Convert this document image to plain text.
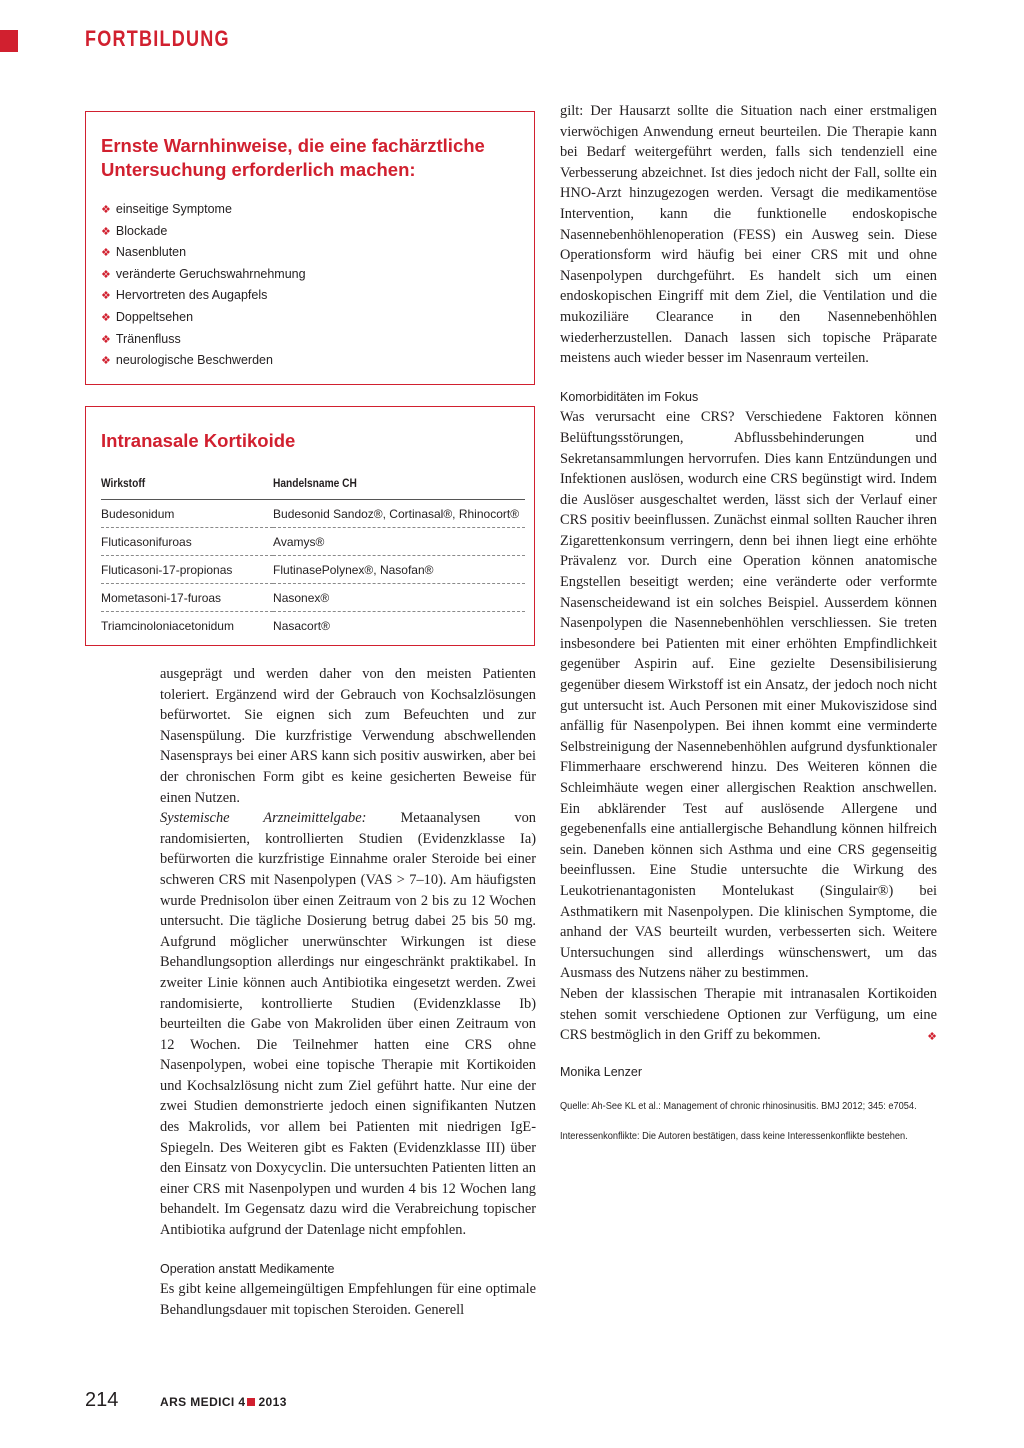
FORTBILDUNG
Ernste Warnhinweise, die eine fachärztliche Untersuchung erforderlich machen:
❖ einseitige Symptome
❖ Blockade
❖ Nasenbluten
❖ veränderte Geruchswahrnehmung
❖ Hervortreten des Augapfels
❖ Doppeltsehen
❖ Tränenfluss
❖ neurologische Beschwerden
Intranasale Kortikoide
Wirkstoff	Handelsname CH
Budesonidum	Budesonid Sandoz®, Cortinasal®, Rhinocort®
Fluticasonifuroas	Avamys®
Fluticasoni-17-propionas	FlutinasePolynex®, Nasofan®
Mometasoni-17-furoas	Nasonex®
Triamcinoloniacetonidum	Nasacort®

ausgeprägt und werden daher von den meisten Patienten toleriert. Ergänzend wird der Gebrauch von Kochsalzlösungen befürwortet. Sie eignen sich zum Befeuchten und zur Nasenspülung. Die kurzfristige Verwendung abschwellenden Nasensprays bei einer ARS kann sich positiv auswirken, aber bei der chronischen Form gibt es keine gesicherten Beweise für einen Nutzen.

Systemische Arzneimittelgabe: Metaanalysen von randomisierten, kontrollierten Studien (Evidenzklasse Ia) befürworten die kurzfristige Einnahme oraler Steroide bei einer schweren CRS mit Nasenpolypen (VAS > 7–10). Am häufigsten wurde Prednisolon über einen Zeitraum von 2 bis zu 12 Wochen untersucht. Die tägliche Dosierung betrug dabei 25 bis 50 mg. Aufgrund möglicher unerwünschter Wirkungen ist diese Behandlungsoption allerdings nur eingeschränkt praktikabel. In zweiter Linie können auch Antibiotika eingesetzt werden. Zwei randomisierte, kontrollierte Studien (Evidenzklasse Ib) beurteilten die Gabe von Makroliden über einen Zeitraum von 12 Wochen. Die Teilnehmer hatten eine CRS ohne Nasenpolypen, wobei eine topische Therapie mit Kortikoiden und Kochsalzlösung nicht zum Ziel geführt hatte. Nur eine der zwei Studien demonstrierte jedoch einen signifikanten Nutzen des Makrolids, vor allem bei Patienten mit niedrigen IgE-Spiegeln. Des Weiteren gibt es Fakten (Evidenzklasse III) über den Einsatz von Doxycyclin. Die untersuchten Patienten litten an einer CRS mit Nasenpolypen und wurden 4 bis 12 Wochen lang behandelt. Im Gegensatz dazu wird die Verabreichung topischer Antibiotika aufgrund der Datenlage nicht empfohlen.

Operation anstatt Medikamente

Es gibt keine allgemeingültigen Empfehlungen für eine optimale Behandlungsdauer mit topischen Steroiden. Generell

gilt: Der Hausarzt sollte die Situation nach einer erstmaligen vierwöchigen Anwendung erneut beurteilen. Die Therapie kann bei Bedarf weitergeführt werden, falls sich tendenziell eine Verbesserung abzeichnet. Ist dies jedoch nicht der Fall, sollte ein HNO-Arzt hinzugezogen werden. Versagt die medikamentöse Intervention, kann die funktionelle endoskopische Nasennebenhöhlenoperation (FESS) ein Ausweg sein. Diese Operationsform wird häufig bei einer CRS mit und ohne Nasenpolypen durchgeführt. Es handelt sich um einen endoskopischen Eingriff mit dem Ziel, die Ventilation und die mukoziliäre Clearance in den Nasennebenhöhlen wiederherzustellen. Danach lassen sich topische Präparate meistens auch wieder besser im Nasenraum verteilen.

Komorbiditäten im Fokus

Was verursacht eine CRS? Verschiedene Faktoren können Belüftungsstörungen, Abflussbehinderungen und Sekretansammlungen hervorrufen. Dies kann Entzündungen und Infektionen auslösen, wodurch eine CRS begünstigt wird. Indem die Auslöser ausgeschaltet werden, lässt sich der Verlauf einer CRS positiv beeinflussen. Zunächst einmal sollten Raucher ihren Zigarettenkonsum verringern, denn bei ihnen liegt eine erhöhte Prävalenz vor. Durch eine Operation können anatomische Engstellen beseitigt werden; eine veränderte oder verformte Nasenscheidewand ist ein solches Beispiel. Ausserdem können Nasenpolypen die Nasennebenhöhlen verschliessen. Sie treten insbesondere bei Patienten mit einer erhöhten Empfindlichkeit gegenüber Aspirin auf. Eine gezielte Desensibilisierung gegenüber diesem Wirkstoff ist ein Ansatz, der jedoch noch nicht gut untersucht ist. Auch Personen mit einer Mukoviszidose sind anfällig für Nasenpolypen. Bei ihnen kommt eine verminderte Selbstreinigung der Nasennebenhöhlen aufgrund dysfunktionaler Flimmerhaare erschwerend hinzu. Des Weiteren können die Schleimhäute wegen einer allergischen Reaktion anschwellen. Ein abklärender Test auf auslösende Allergene und gegebenenfalls eine antiallergische Behandlung können hilfreich sein. Daneben können sich Asthma und eine CRS gegenseitig beeinflussen. Eine Studie untersuchte die Wirkung des Leukotrienantagonisten Montelukast (Singulair®) bei Asthmatikern mit Nasenpolypen. Die klinischen Symptome, die anhand der VAS beurteilt wurden, verbesserten sich. Weitere Untersuchungen sind allerdings wünschenswert, um das Ausmass des Nutzens näher zu bestimmen.

Neben der klassischen Therapie mit intranasalen Kortikoiden stehen somit verschiedene Optionen zur Verfügung, um eine CRS bestmöglich in den Griff zu bekommen.	❖

Monika Lenzer

Quelle: Ah-See KL et al.: Management of chronic rhinosinusitis. BMJ 2012; 345: e7054.

Interessenkonflikte: Die Autoren bestätigen, dass keine Interessenkonflikte bestehen.

214	ARS MEDICI 4 2013
